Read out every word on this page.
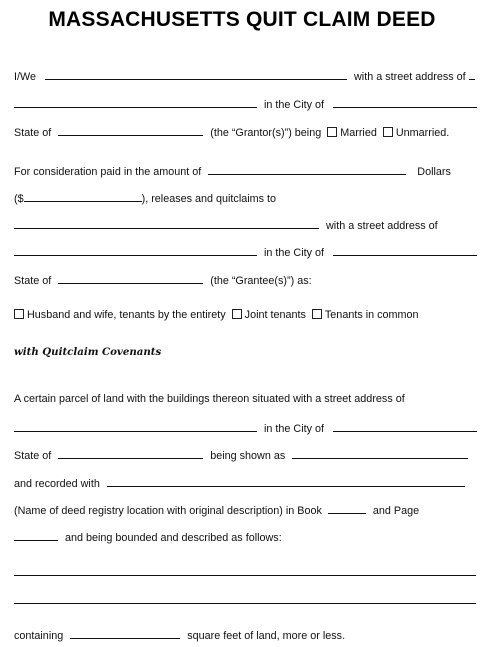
MASSACHUSETTS QUIT CLAIM DEED
I/We	with a street address of
in the City of
State of	(the “Grantor(s)”) being Married Unmarried.
For consideration paid in the amount of	Dollars
($	), releases and quitclaims to
with a street address of
in the City of
State of	(the “Grantee(s)”) as:
Husband and wife, tenants by the entirety Joint tenants Tenants in common
with Quitclaim Covenants
A certain parcel of land with the buildings thereon situated with a street address of
in the City of
State of	being shown as
and recorded with
(Name of deed registry location with original description) in Book	and Page
and being bounded and described as follows:
containing	square feet of land, more or less.
